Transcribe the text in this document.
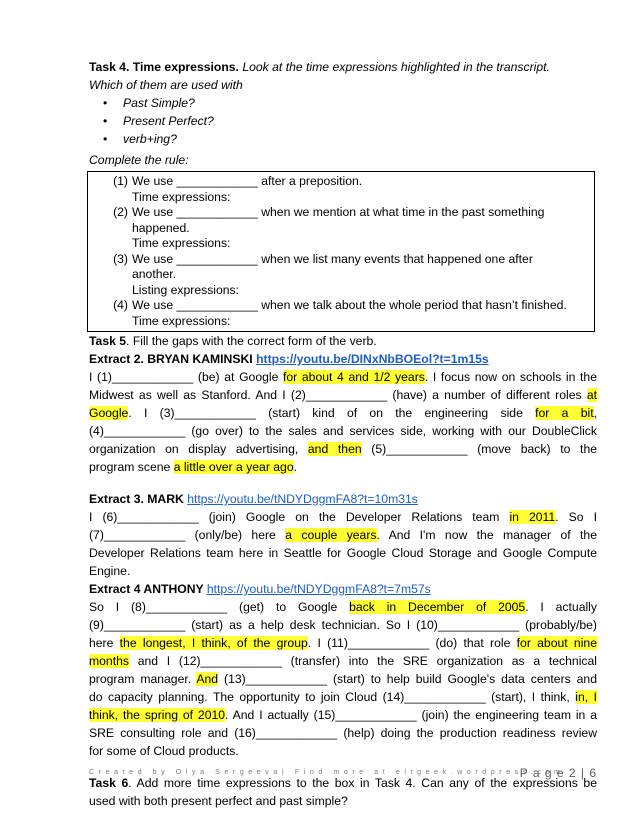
Task 4. Time expressions. Look at the time expressions highlighted in the transcript.
Which of them are used with
• Past Simple?
• Present Perfect?
• verb+ing?
Complete the rule:
(1) We use ____________ after a preposition.
Time expressions:
(2) We use ____________ when we mention at what time in the past something
happened.
Time expressions:
(3) We use ____________ when we list many events that happened one after
another.
Listing expressions:
(4) We use ____________ when we talk about the whole period that hasn’t finished.
Time expressions:
Task 5. Fill the gaps with the correct form of the verb.
Extract 2. BRYAN KAMINSKI https://youtu.be/DINxNbBOEol?t=1m15s
I (1)____________ (be) at Google for about 4 and 1/2 years. I focus now on schools in the
Midwest as well as Stanford. And I (2)____________ (have) a number of different roles at
Google. I (3)____________ (start) kind of on the engineering side for a bit,
(4)____________ (go over) to the sales and services side, working with our DoubleClick
organization on display advertising, and then (5)____________ (move back) to the
program scene a little over a year ago.
Extract 3. MARK https://youtu.be/tNDYDggmFA8?t=10m31s
I (6)____________ (join) Google on the Developer Relations team in 2011. So I
(7)____________ (only/be) here a couple years. And I'm now the manager of the
Developer Relations team here in Seattle for Google Cloud Storage and Google Compute
Engine.
Extract 4 ANTHONY https://youtu.be/tNDYDggmFA8?t=7m57s
So I (8)____________ (get) to Google back in December of 2005. I actually
(9)____________ (start) as a help desk technician. So I (10)____________ (probably/be)
here the longest, I think, of the group. I (11)____________ (do) that role for about nine
months and I (12)____________ (transfer) into the SRE organization as a technical
program manager. And (13)____________ (start) to help build Google's data centers and
do capacity planning. The opportunity to join Cloud (14)____________ (start), I think, in, I
think, the spring of 2010. And I actually (15)____________ (join) the engineering team in a
SRE consulting role and (16)____________ (help) doing the production readiness review
for some of Cloud products.
Task 6. Add more time expressions to the box in Task 4. Can any of the expressions be
used with both present perfect and past simple?
Created by Olya Sergeeva| Find more at eltgeek.wordpress.com
P a g e 2 | 6
